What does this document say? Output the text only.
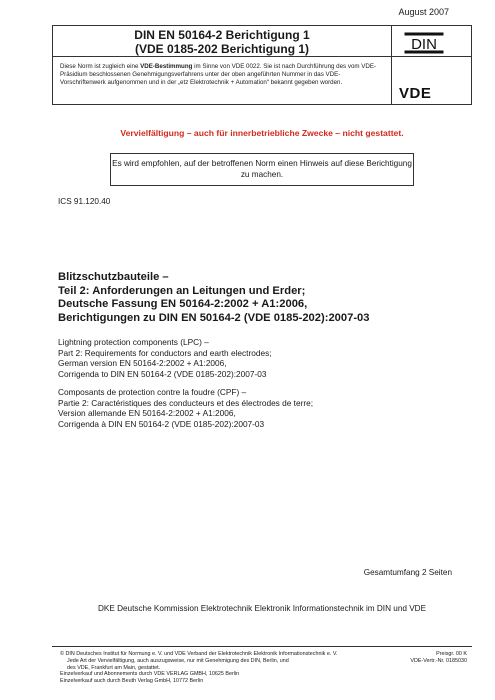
August 2007
DIN EN 50164-2 Berichtigung 1
(VDE 0185-202 Berichtigung 1)
Diese Norm ist zugleich eine VDE-Bestimmung im Sinne von VDE 0022. Sie ist nach Durchführung des vom VDE-Präsidium beschlossenen Genehmigungsverfahrens unter der oben angeführten Nummer in das VDE-Vorschriftenwerk aufgenommen und in der „etz Elektrotechnik + Automation“ bekannt gegeben worden.
DIN
VDE
Vervielfältigung – auch für innerbetriebliche Zwecke – nicht gestattet.
Es wird empfohlen, auf der betroffenen Norm einen Hinweis auf diese Berichtigung zu machen.
ICS 91.120.40
Blitzschutzbauteile –
Teil 2: Anforderungen an Leitungen und Erder;
Deutsche Fassung EN 50164-2:2002 + A1:2006,
Berichtigungen zu DIN EN 50164-2 (VDE 0185-202):2007-03
Lightning protection components (LPC) –
Part 2: Requirements for conductors and earth electrodes;
German version EN 50164-2:2002 + A1:2006,
Corrigenda to DIN EN 50164-2 (VDE 0185-202):2007-03
Composants de protection contre la foudre (CPF) –
Partie 2: Caractéristiques des conducteurs et des électrodes de terre;
Version allemande EN 50164-2:2002 + A1:2006,
Corrigenda à DIN EN 50164-2 (VDE 0185-202):2007-03
Gesamtumfang 2 Seiten
DKE Deutsche Kommission Elektrotechnik Elektronik Informationstechnik im DIN und VDE
© DIN Deutsches Institut für Normung e. V. und VDE Verband der Elektrotechnik Elektronik Informationstechnik e. V.
Jede Art der Vervielfältigung, auch auszugsweise, nur mit Genehmigung des DIN, Berlin, und
des VDE, Frankfurt am Main, gestattet.
Einzelverkauf und Abonnements durch VDE VERLAG GMBH, 10625 Berlin
Einzelverkauf auch durch Beuth Verlag GmbH, 10772 Berlin
Preisgr. 00 K
VDE-Vertr.-Nr. 0185030
